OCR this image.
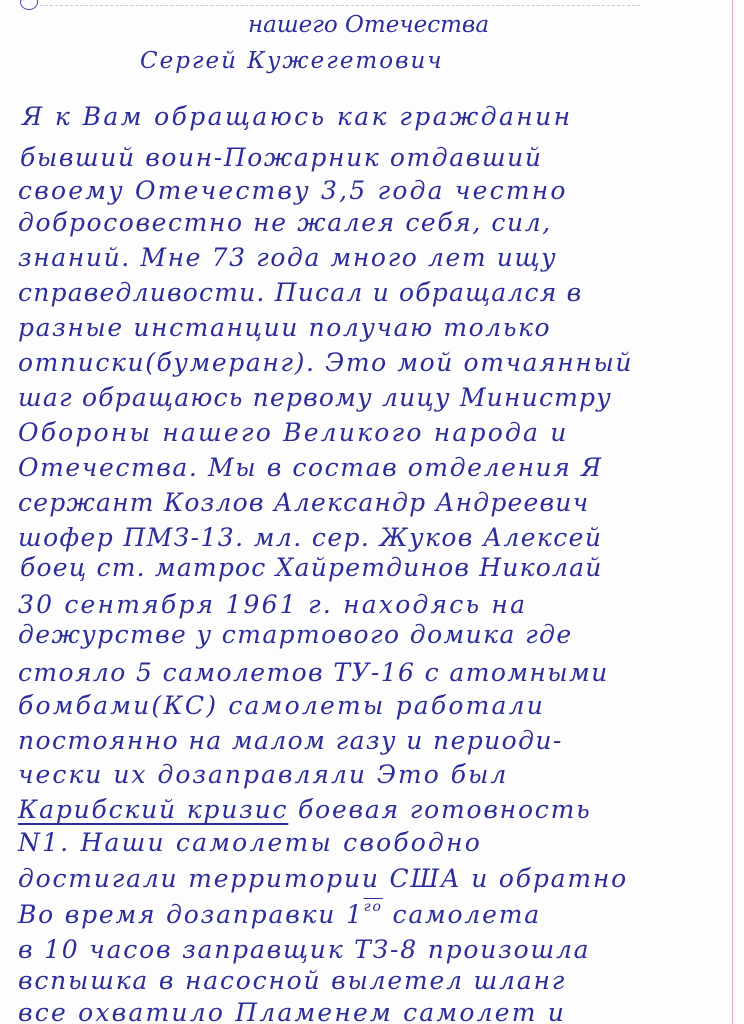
нашего Отечества
Сергей Кужегетович
Я к Вам обращаюсь как гражданин
бывший воин-Пожарник отдавший
своему Отечеству 3,5 года честно
добросовестно не жалея себя, сил,
знаний. Мне 73 года много лет ищу
справедливости. Писал и обращался в
разные инстанции получаю только
отписки(бумеранг). Это мой отчаянный
шаг обращаюсь первому лицу Министру
Обороны нашего Великого народа и
Отечества. Мы в состав отделения Я
сержант Козлов Александр Андреевич
шофер ПМЗ-13. мл. сер. Жуков Алексей
боец ст. матрос Хайретдинов Николай
30 сентября 1961 г. находясь на
дежурстве у стартового домика где
стояло 5 самолетов ТУ-16 с атомными
бомбами(КС) самолеты работали
постоянно на малом газу и периоди-
чески их дозаправляли Это был
Карибский кризис боевая готовность
N1. Наши самолеты свободно
достигали территории США и обратно
Во время дозаправки $1^{го}$ самолета
в 10 часов заправщик ТЗ-8 произошла
вспышка в насосной вылетел шланг
все охватило Пламенем самолет и
